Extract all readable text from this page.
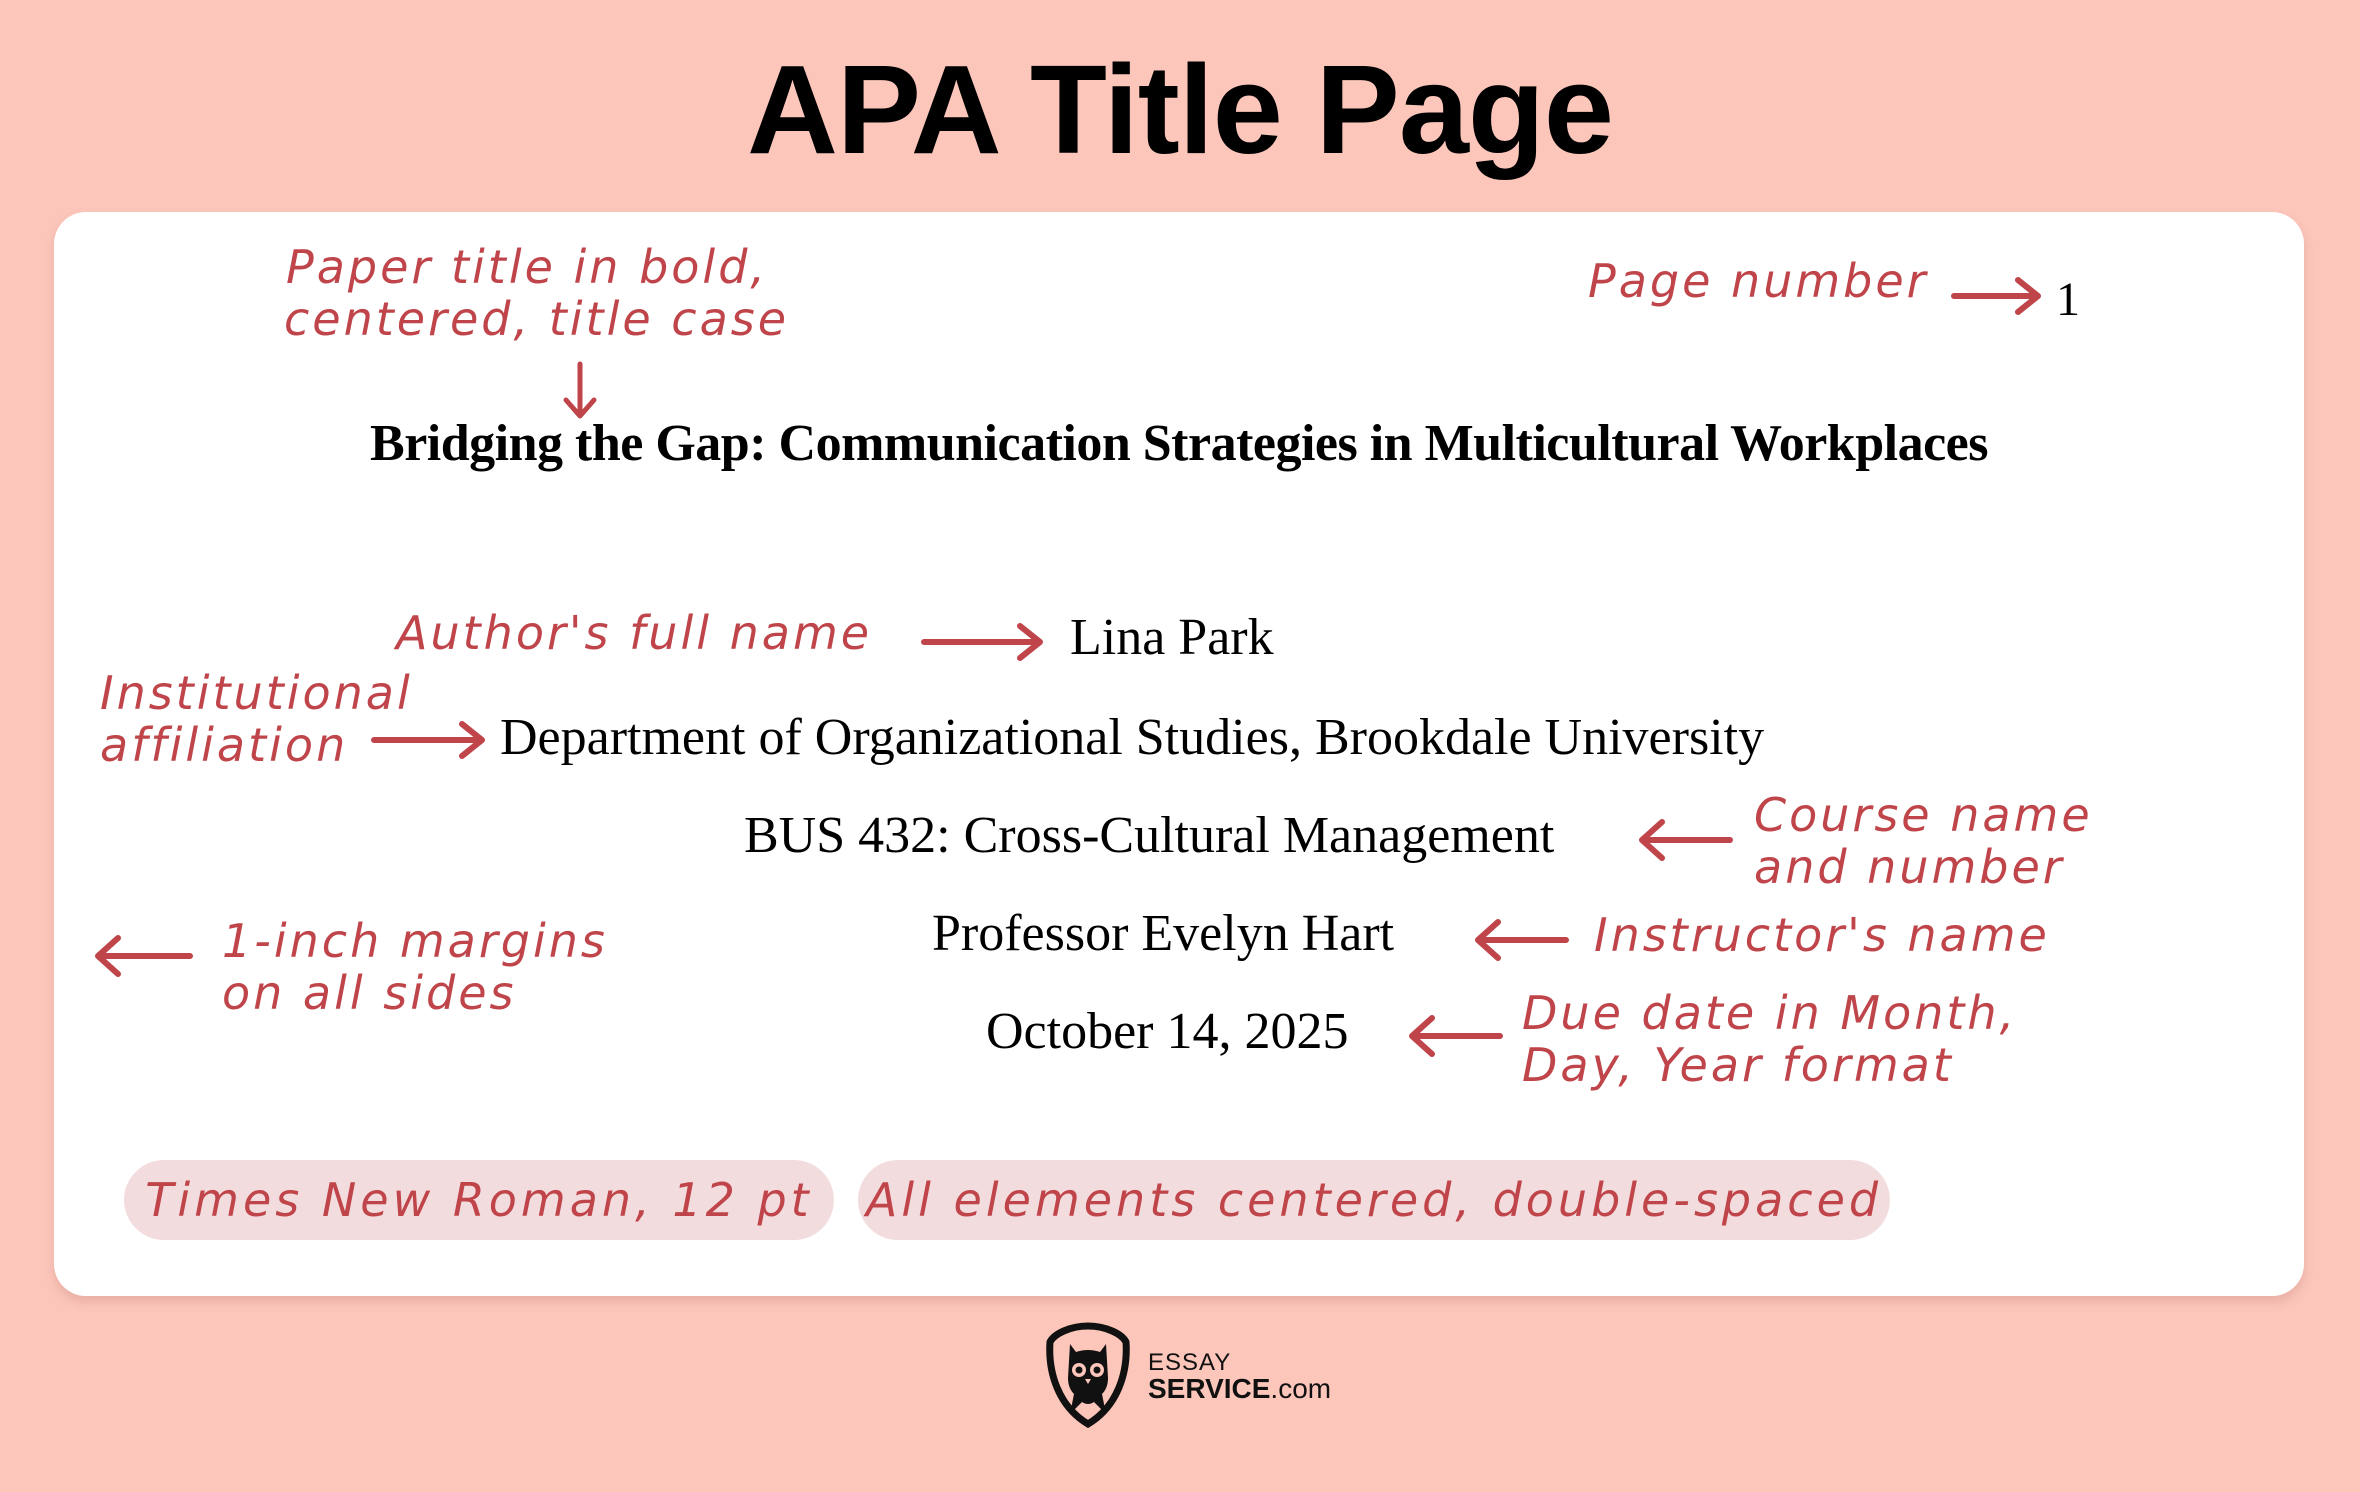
APA Title Page
Paper title in bold,
centered, title case
Page number	1
Bridging the Gap: Communication Strategies in Multicultural Workplaces
Author's full name	Lina Park
Institutional
affiliation	Department of Organizational Studies, Brookdale University
BUS 432: Cross-Cultural Management	Course name
and number
1-inch margins
on all sides
Professor Evelyn Hart	Instructor's name
October 14, 2025	Due date in Month,
Day, Year format
Times New Roman, 12 pt All elements centered, double-spaced
ESSAY
SERVICE.com
